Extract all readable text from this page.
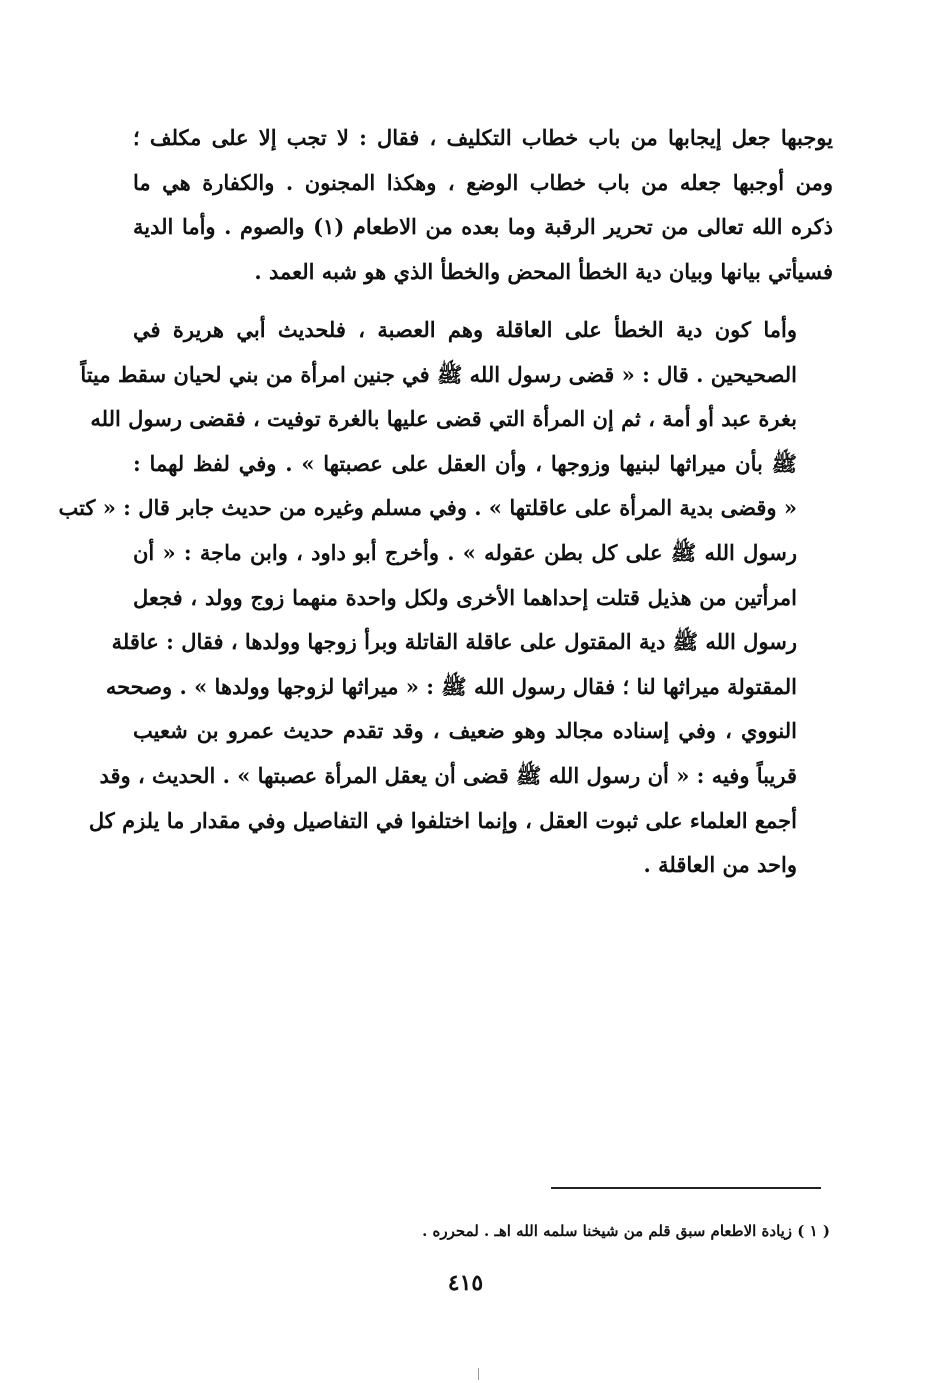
يوجبها جعل إيجابها من باب خطاب التكليف ، فقال : لا تجب إلا على مكلف ؛
ومن أوجبها جعله من باب خطاب الوضع ، وهكذا المجنون . والكفارة هي ما
ذكره الله تعالى من تحرير الرقبة وما بعده من الاطعام (١) والصوم . وأما الدية
فسيأتي بيانها وبيان دية الخطأ المحض والخطأ الذي هو شبه العمد .
وأما كون دية الخطأ على العاقلة وهم العصبة ، فلحديث أبي هريرة في
الصحيحين . قال : « قضى رسول الله ﷺ في جنين امرأة من بني لحيان سقط ميتاً
بغرة عبد أو أمة ، ثم إن المرأة التي قضى عليها بالغرة توفيت ، فقضى رسول الله
ﷺ بأن ميراثها لبنيها وزوجها ، وأن العقل على عصبتها » . وفي لفظ لهما :
« وقضى بدية المرأة على عاقلتها » . وفي مسلم وغيره من حديث جابر قال : « كتب
رسول الله ﷺ على كل بطن عقوله » . وأخرج أبو داود ، وابن ماجة : « أن
امرأتين من هذيل قتلت إحداهما الأخرى ولكل واحدة منهما زوج وولد ، فجعل
رسول الله ﷺ دية المقتول على عاقلة القاتلة وبرأ زوجها وولدها ، فقال : عاقلة
المقتولة ميراثها لنا ؛ فقال رسول الله ﷺ : « ميراثها لزوجها وولدها » . وصححه
النووي ، وفي إسناده مجالد وهو ضعيف ، وقد تقدم حديث عمرو بن شعيب
قريباً وفيه : « أن رسول الله ﷺ قضى أن يعقل المرأة عصبتها » . الحديث ، وقد
أجمع العلماء على ثبوت العقل ، وإنما اختلفوا في التفاصيل وفي مقدار ما يلزم كل
واحد من العاقلة .
( ١ ) زيادة الاطعام سبق قلم من شيخنا سلمه الله اهـ . لمحرره .
٤١٥
